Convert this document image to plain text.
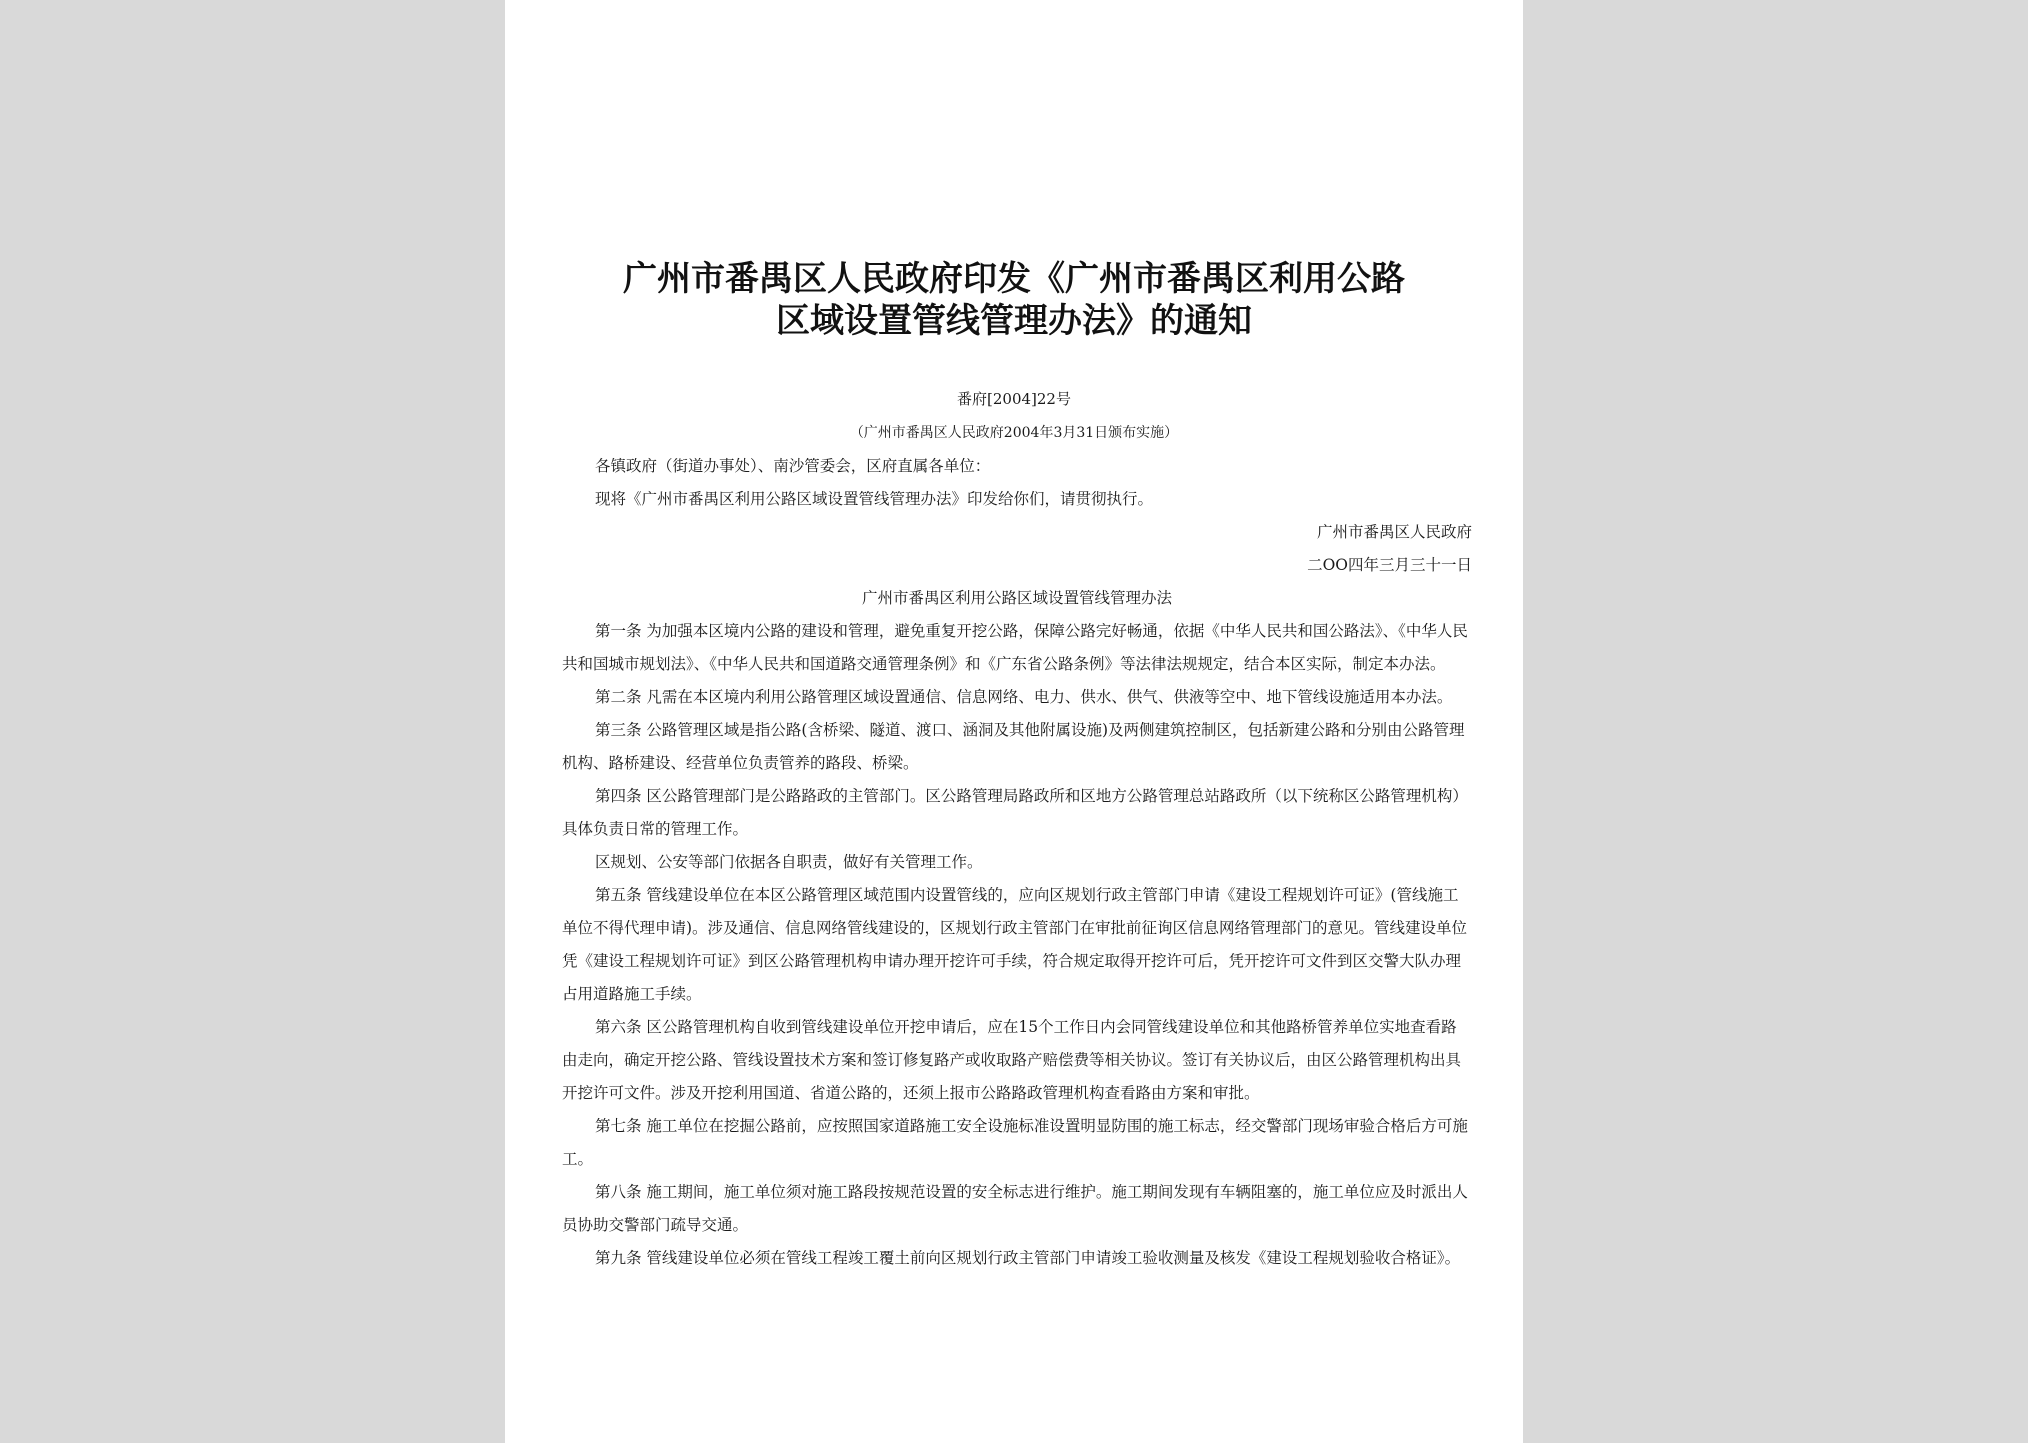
广州市番禺区人民政府印发《广州市番禺区利用公路
区域设置管线管理办法》的通知
番府[2004]22号
（广州市番禺区人民政府2004年3月31日颁布实施）

各镇政府（街道办事处）、南沙管委会，区府直属各单位：

现将《广州市番禺区利用公路区域设置管线管理办法》印发给你们，请贯彻执行。

广州市番禺区人民政府

二OO四年三月三十一日

广州市番禺区利用公路区域设置管线管理办法

第一条 为加强本区境内公路的建设和管理，避免重复开挖公路，保障公路完好畅通，依据《中华人民共和国公路法》、《中华人民共和国城市规划法》、《中华人民共和国道路交通管理条例》和《广东省公路条例》等法律法规规定，结合本区实际，制定本办法。

第二条 凡需在本区境内利用公路管理区域设置通信、信息网络、电力、供水、供气、供液等空中、地下管线设施适用本办法。

第三条 公路管理区域是指公路(含桥梁、隧道、渡口、涵洞及其他附属设施)及两侧建筑控制区，包括新建公路和分别由公路管理机构、路桥建设、经营单位负责管养的路段、桥梁。

第四条 区公路管理部门是公路路政的主管部门。区公路管理局路政所和区地方公路管理总站路政所（以下统称区公路管理机构）具体负责日常的管理工作。

区规划、公安等部门依据各自职责，做好有关管理工作。

第五条 管线建设单位在本区公路管理区域范围内设置管线的，应向区规划行政主管部门申请《建设工程规划许可证》(管线施工单位不得代理申请)。涉及通信、信息网络管线建设的，区规划行政主管部门在审批前征询区信息网络管理部门的意见。管线建设单位凭《建设工程规划许可证》到区公路管理机构申请办理开挖许可手续，符合规定取得开挖许可后，凭开挖许可文件到区交警大队办理占用道路施工手续。

第六条 区公路管理机构自收到管线建设单位开挖申请后，应在15个工作日内会同管线建设单位和其他路桥管养单位实地查看路由走向，确定开挖公路、管线设置技术方案和签订修复路产或收取路产赔偿费等相关协议。签订有关协议后，由区公路管理机构出具开挖许可文件。涉及开挖利用国道、省道公路的，还须上报市公路路政管理机构查看路由方案和审批。

第七条 施工单位在挖掘公路前，应按照国家道路施工安全设施标准设置明显防围的施工标志，经交警部门现场审验合格后方可施工。

第八条 施工期间，施工单位须对施工路段按规范设置的安全标志进行维护。施工期间发现有车辆阻塞的，施工单位应及时派出人员协助交警部门疏导交通。

第九条 管线建设单位必须在管线工程竣工覆土前向区规划行政主管部门申请竣工验收测量及核发《建设工程规划验收合格证》。
